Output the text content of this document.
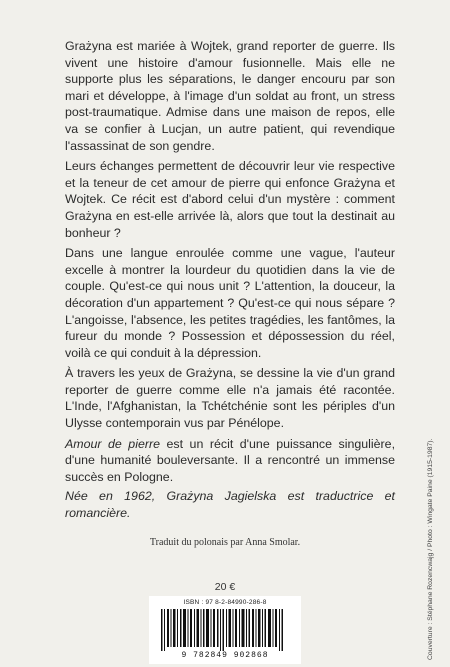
Grażyna est mariée à Wojtek, grand reporter de guerre. Ils vivent une histoire d'amour fusionnelle. Mais elle ne supporte plus les séparations, le danger encouru par son mari et développe, à l'image d'un soldat au front, un stress post-traumatique. Admise dans une maison de repos, elle va se confier à Lucjan, un autre patient, qui revendique l'assassinat de son gendre.

Leurs échanges permettent de découvrir leur vie respective et la teneur de cet amour de pierre qui enfonce Grażyna et Wojtek. Ce récit est d'abord celui d'un mystère : comment Grażyna en est-elle arrivée là, alors que tout la destinait au bonheur ?

Dans une langue enroulée comme une vague, l'auteur excelle à montrer la lourdeur du quotidien dans la vie de couple. Qu'est-ce qui nous unit ? L'attention, la douceur, la décoration d'un appartement ? Qu'est-ce qui nous sépare ? L'angoisse, l'absence, les petites tragédies, les fantômes, la fureur du monde ? Possession et dépossession du réel, voilà ce qui conduit à la dépression.

À travers les yeux de Grażyna, se dessine la vie d'un grand reporter de guerre comme elle n'a jamais été racontée. L'Inde, l'Afghanistan, la Tchétchénie sont les périples d'un Ulysse contemporain vus par Pénélope.

Amour de pierre est un récit d'une puissance singulière, d'une humanité bouleversante. Il a rencontré un immense succès en Pologne.

Née en 1962, Grażyna Jagielska est traductrice et romancière.

Traduit du polonais par Anna Smolar.
20 €
ISBN : 97 8-2-84990-286-8
9 782849 902868	Couverture : Stéphane Rozencwajg / Photo : Wingate Paine (1915-1987).
